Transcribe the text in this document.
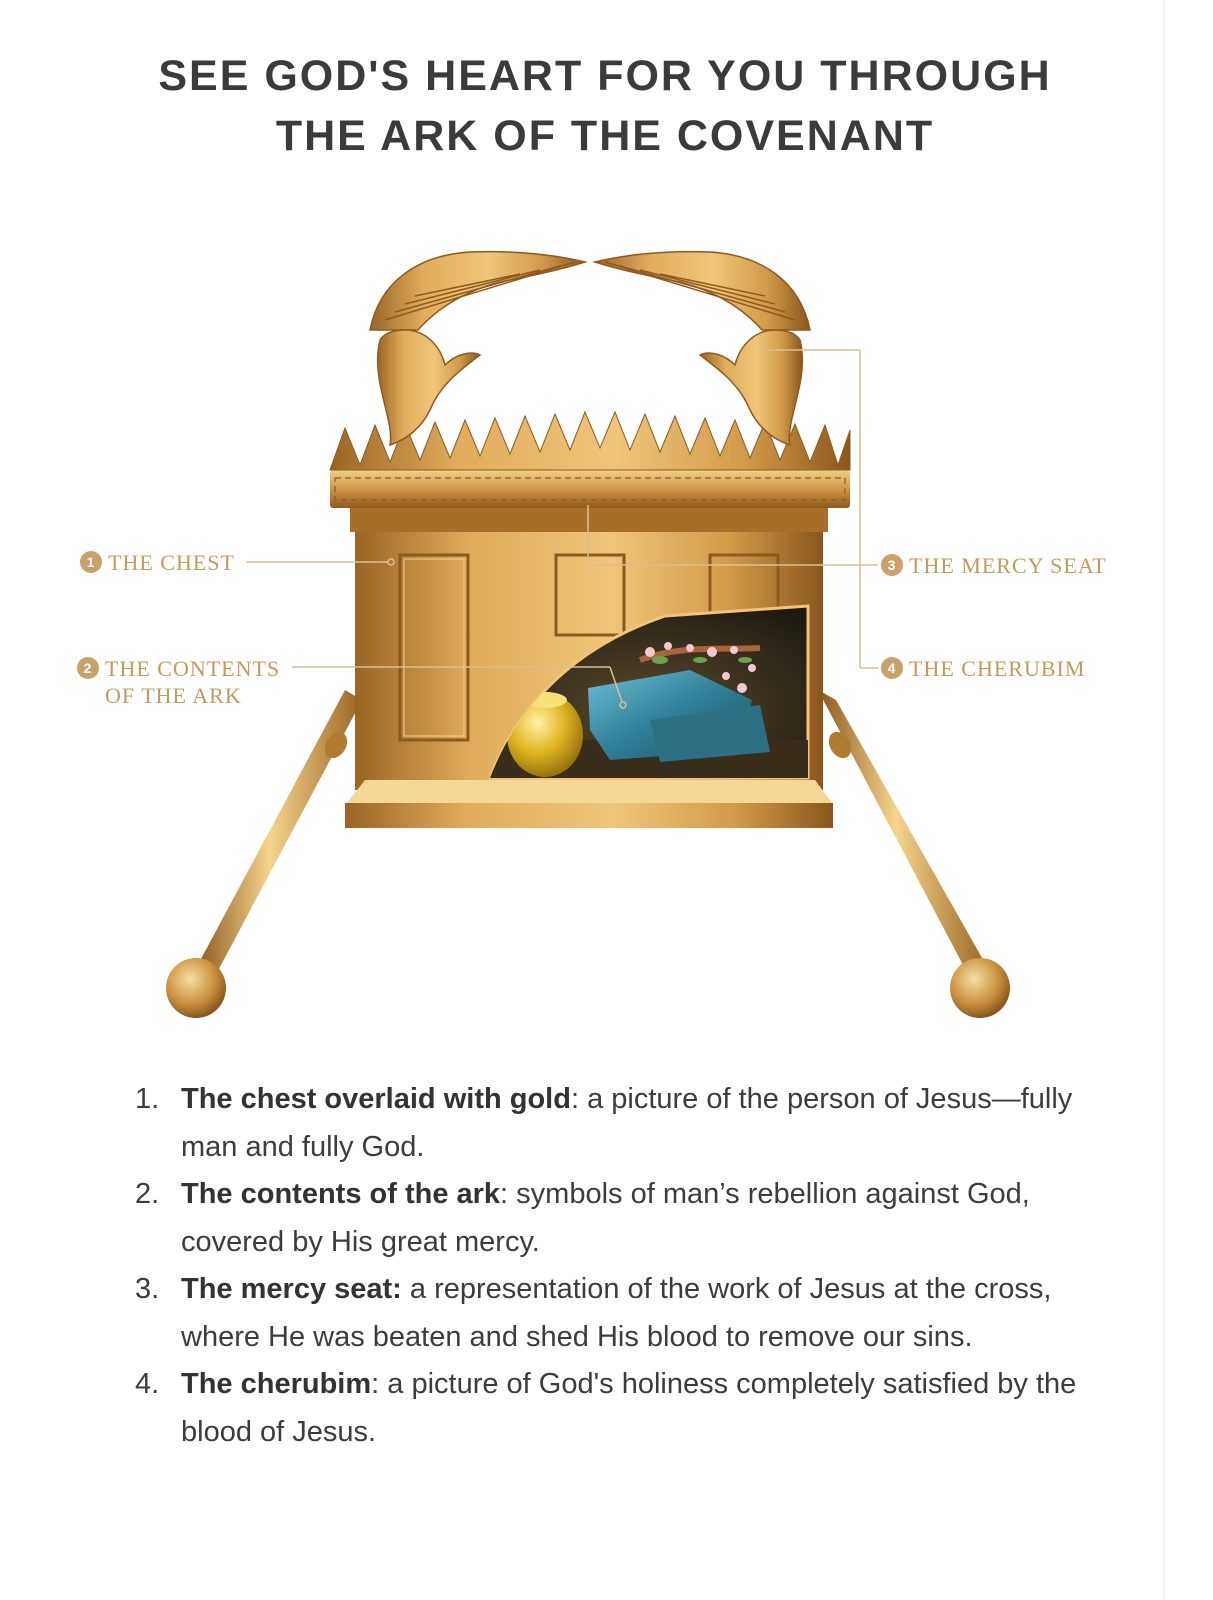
SEE GOD'S HEART FOR YOU THROUGH
THE ARK OF THE COVENANT
1 THE CHEST
2 THE CONTENTS
OF THE ARK
3 THE MERCY SEAT
4 THE CHERUBIM
1. The chest overlaid with gold: a picture of the person of Jesus—fully man and fully God.
2. The contents of the ark: symbols of man’s rebellion against God, covered by His great mercy.
3. The mercy seat: a representation of the work of Jesus at the cross, where He was beaten and shed His blood to remove our sins.
4. The cherubim: a picture of God's holiness completely satisfied by the blood of Jesus.
